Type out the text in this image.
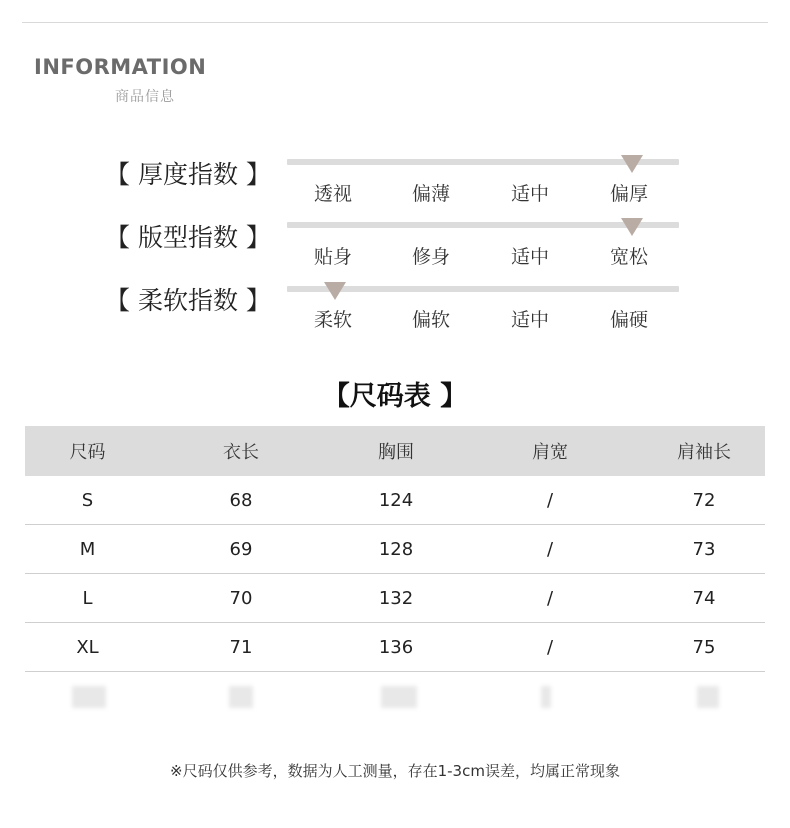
INFORMATION
商品信息
【 厚度指数 】
透视	偏薄	适中	偏厚
【 版型指数 】
贴身	修身	适中	宽松
【 柔软指数 】
柔软	偏软	适中	偏硬
【尺码表 】
尺码	衣长	胸围	肩宽	肩袖长
S	68	124	/	72
M	69	128	/	73
L	70	132	/	74
XL	71	136	/	75
※尺码仅供参考，数据为人工测量，存在1-3cm误差，均属正常现象
